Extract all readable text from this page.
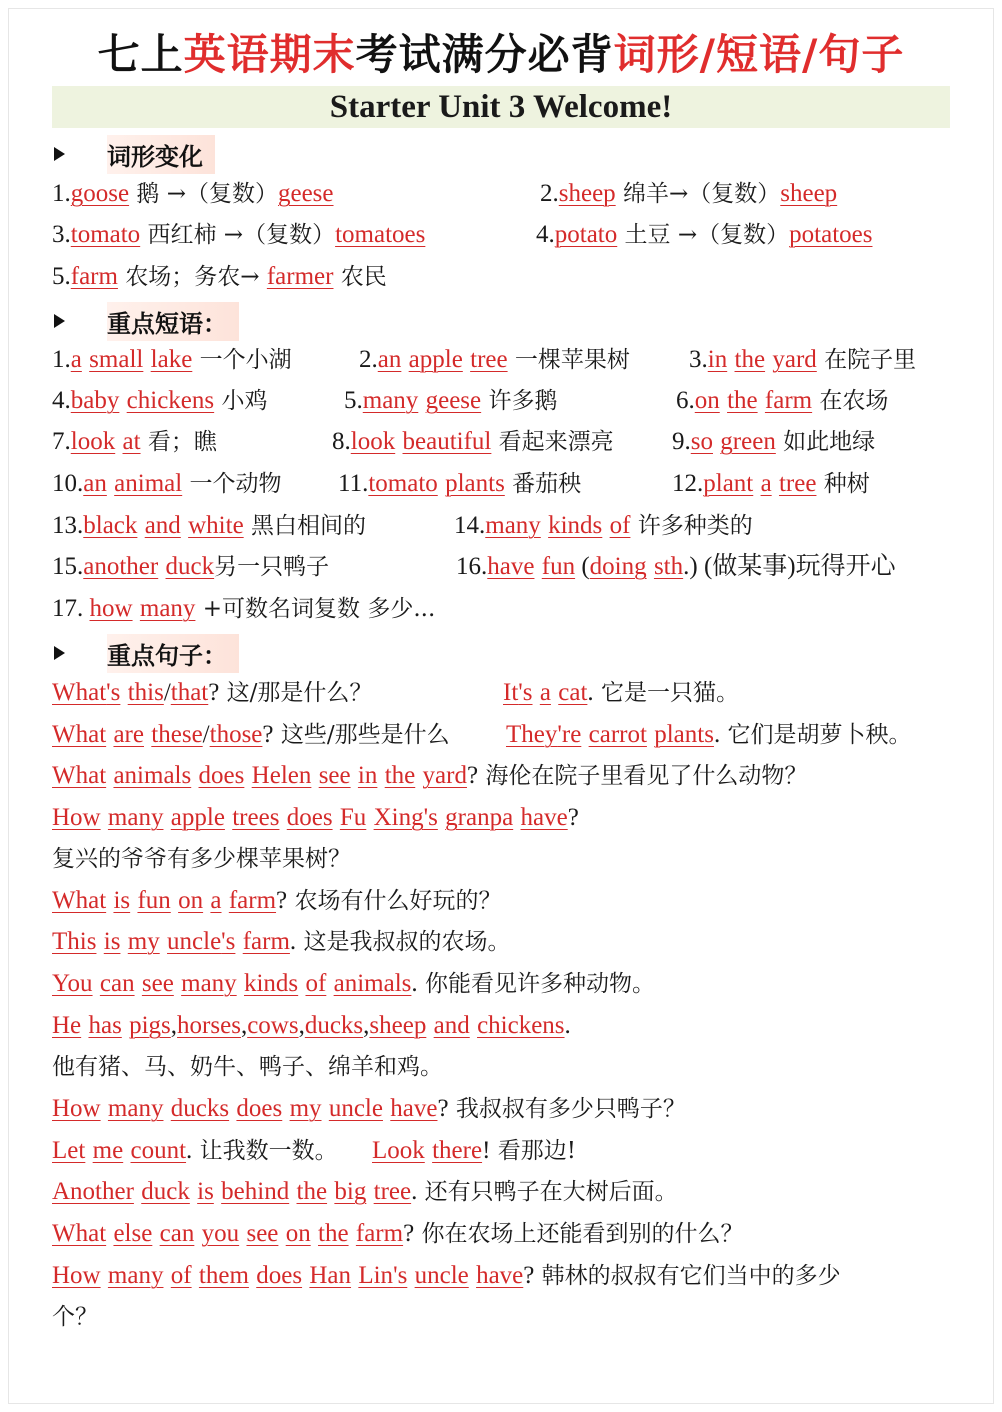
七上英语期末考试满分必背词形/短语/句子
Starter Unit 3 Welcome!
词形变化
1.goose 鹅 →（复数）geese	2.sheep 绵羊→（复数）sheep
3.tomato 西红柿 →（复数）tomatoes	4.potato 土豆 →（复数）potatoes
5.farm 农场；务农→ farmer 农民
重点短语：
1.a small lake 一个小湖	2.an apple tree 一棵苹果树 3.in the yard 在院子里
4.baby chickens 小鸡	5.many geese 许多鹅	6.on the farm 在农场
7.look at 看；瞧	8.look beautiful 看起来漂亮 9.so green 如此地绿
10.an animal 一个动物 11.tomato plants 番茄秧	12.plant a tree 种树
13.black and white 黑白相间的	14.many kinds of 许多种类的
15.another duck另一只鸭子	16.have fun (doing sth.) (做某事)玩得开心
17. how many +可数名词复数 多少...
重点句子：
What's this/that? 这/那是什么？	It's a cat. 它是一只猫。
What are these/those? 这些/那些是什么 They're carrot plants. 它们是胡萝卜秧。
What animals does Helen see in the yard? 海伦在院子里看见了什么动物？
How many apple trees does Fu Xing's granpa have?
复兴的爷爷有多少棵苹果树？
What is fun on a farm? 农场有什么好玩的？
This is my uncle's farm. 这是我叔叔的农场。
You can see many kinds of animals. 你能看见许多种动物。
He has pigs,horses,cows,ducks,sheep and chickens.
他有猪、马、奶牛、鸭子、绵羊和鸡。
How many ducks does my uncle have? 我叔叔有多少只鸭子？
Let me count. 让我数一数。 Look there! 看那边!
Another duck is behind the big tree. 还有只鸭子在大树后面。
What else can you see on the farm? 你在农场上还能看到别的什么？
How many of them does Han Lin's uncle have? 韩林的叔叔有它们当中的多少
个？
